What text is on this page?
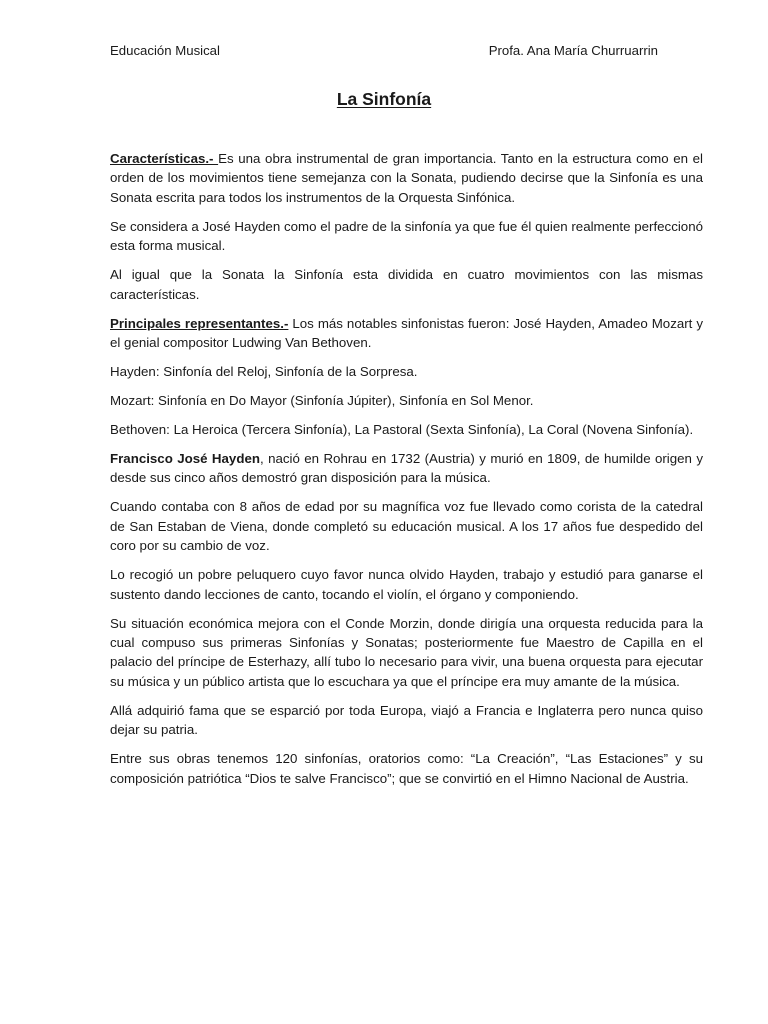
Educación Musical	Profa. Ana María Churruarrin
La Sinfonía

Características.- Es una obra instrumental de gran importancia. Tanto en la estructura como en el orden de los movimientos tiene semejanza con la Sonata, pudiendo decirse que la Sinfonía es una Sonata escrita para todos los instrumentos de la Orquesta Sinfónica.

Se considera a José Hayden como el padre de la sinfonía ya que fue él quien realmente perfeccionó esta forma musical.

Al igual que la Sonata la Sinfonía esta dividida en cuatro movimientos con las mismas características.

Principales representantes.- Los más notables sinfonistas fueron: José Hayden, Amadeo Mozart y el genial compositor Ludwing Van Bethoven.

Hayden: Sinfonía del Reloj, Sinfonía de la Sorpresa.

Mozart: Sinfonía en Do Mayor (Sinfonía Júpiter), Sinfonía en Sol Menor.

Bethoven: La Heroica (Tercera Sinfonía), La Pastoral (Sexta Sinfonía), La Coral (Novena Sinfonía).

Francisco José Hayden, nació en Rohrau en 1732 (Austria) y murió en 1809, de humilde origen y desde sus cinco años demostró gran disposición para la música.

Cuando contaba con 8 años de edad por su magnífica voz fue llevado como corista de la catedral de San Estaban de Viena, donde completó su educación musical. A los 17 años fue despedido del coro por su cambio de voz.

Lo recogió un pobre peluquero cuyo favor nunca olvido Hayden, trabajo y estudió para ganarse el sustento dando lecciones de canto, tocando el violín, el órgano y componiendo.

Su situación económica mejora con el Conde Morzin, donde dirigía una orquesta reducida para la cual compuso sus primeras Sinfonías y Sonatas; posteriormente fue Maestro de Capilla en el palacio del príncipe de Esterhazy, allí tubo lo necesario para vivir, una buena orquesta para ejecutar su música y un público artista que lo escuchara ya que el príncipe era muy amante de la música.

Allá adquirió fama que se esparció por toda Europa, viajó a Francia e Inglaterra pero nunca quiso dejar su patria.

Entre sus obras tenemos 120 sinfonías, oratorios como: “La Creación”, “Las Estaciones” y su composición patriótica “Dios te salve Francisco”; que se convirtió en el Himno Nacional de Austria.
